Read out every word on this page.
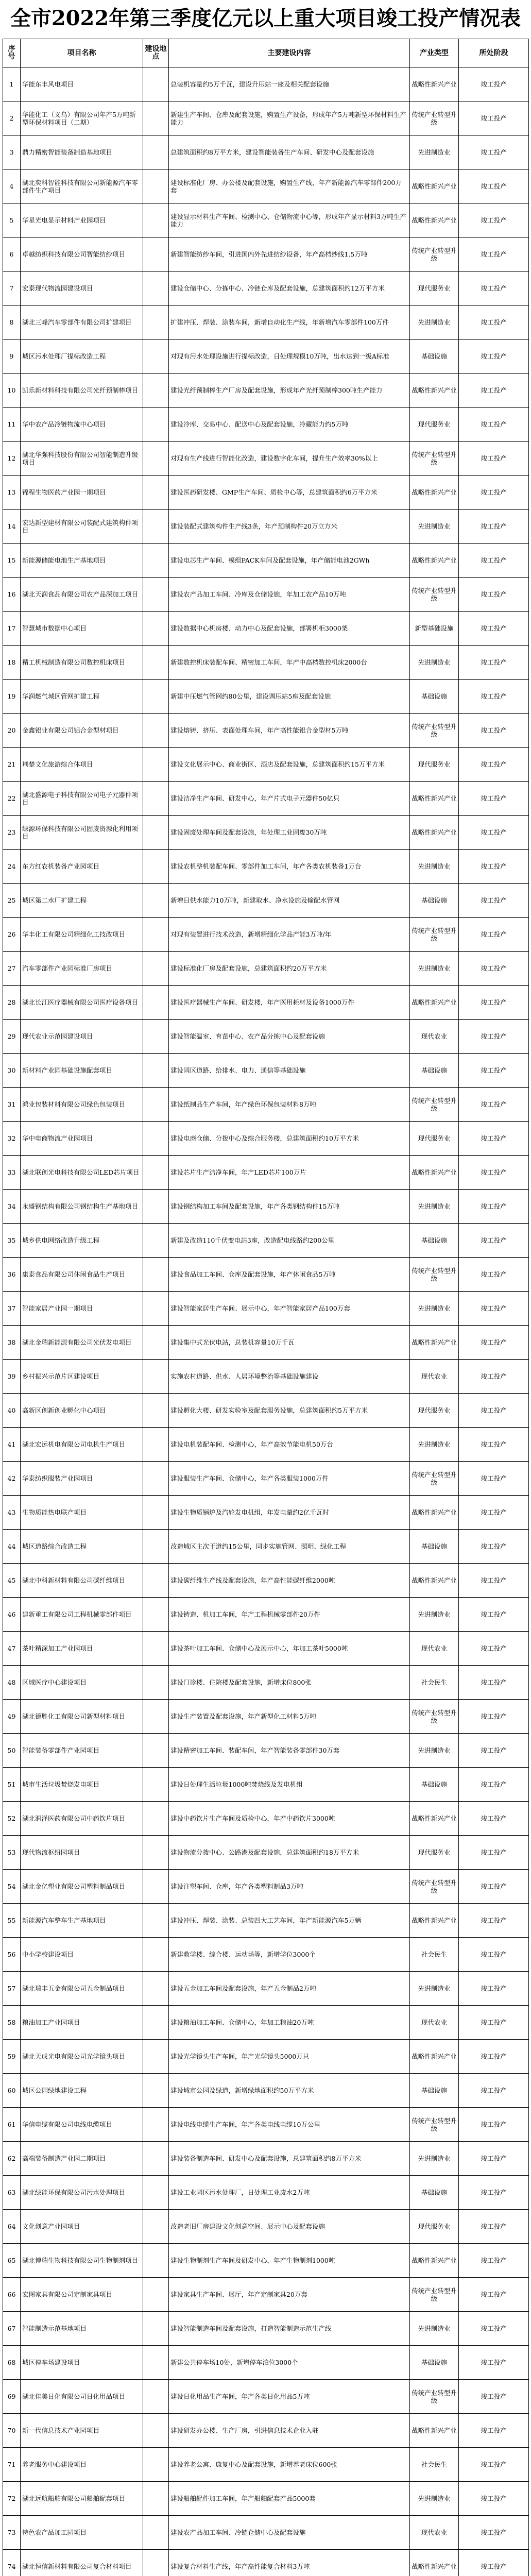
全市2022年第三季度亿元以上重大项目竣工投产情况表
序号	项目名称	建设地点	主要建设内容	产业类型	所处阶段
1	华能东丰风电项目		总装机容量约5万千瓦，建设升压站一座及相关配套设施	战略性新兴产业	竣工投产
2	华能化工（义乌）有限公司年产5万吨新型环保材料项目（二期）		新建生产车间、仓库及配套设施，购置生产设备，形成年产5万吨新型环保材料生产能力	传统产业转型升级	竣工投产
3	鼎力精密智能装备制造基地项目		总建筑面积约8万平方米，建设智能装备生产车间、研发中心及配套设施	先进制造业	竣工投产
4	湖北奕科智能科技有限公司新能源汽车零部件生产项目		建设标准化厂房、办公楼及配套设施，购置生产线，年产新能源汽车零部件200万套	战略性新兴产业	竣工投产
5	华星光电显示材料产业园项目		建设显示材料生产车间、检测中心、仓储物流中心等，形成年产显示材料3万吨生产能力	战略性新兴产业	竣工投产
6	卓越纺织科技有限公司智能纺纱项目		新建智能纺纱车间，引进国内外先进纺纱设备，年产高档纱线1.5万吨	传统产业转型升级	竣工投产
7	宏泰现代物流园建设项目		建设仓储中心、分拣中心、冷链仓库及配套设施，总建筑面积约12万平方米	现代服务业	竣工投产
8	湖北三峰汽车零部件有限公司扩建项目		扩建冲压、焊装、涂装车间，新增自动化生产线，年新增汽车零部件100万件	先进制造业	竣工投产
9	城区污水处理厂提标改造工程		对现有污水处理设施进行提标改造，日处理规模10万吨，出水达到一级A标准	基础设施	竣工投产
10	凯乐新材料科技有限公司光纤预制棒项目		建设光纤预制棒生产厂房及配套设施，形成年产光纤预制棒300吨生产能力	战略性新兴产业	竣工投产
11	华中农产品冷链物流中心项目		建设冷库、交易中心、配送中心及配套设施，冷藏能力约5万吨	现代服务业	竣工投产
12	湖北华强科技股份有限公司智能制造升级项目		对现有生产线进行智能化改造，建设数字化车间，提升生产效率30%以上	传统产业转型升级	竣工投产
13	锦程生物医药产业园一期项目		建设医药研发楼、GMP生产车间、质检中心等，总建筑面积约6万平方米	战略性新兴产业	竣工投产
14	宏达新型建材有限公司装配式建筑构件项目		建设装配式建筑构件生产线3条，年产预制构件20万立方米	先进制造业	竣工投产
15	新能源储能电池生产基地项目		建设电芯生产车间、模组PACK车间及配套设施，年产储能电池2GWh	战略性新兴产业	竣工投产
16	湖北天润食品有限公司农产品深加工项目		建设农产品加工车间、冷库及仓储设施，年加工农产品10万吨	传统产业转型升级	竣工投产
17	智慧城市数据中心项目		建设数据中心机房楼、动力中心及配套设施，部署机柜3000架	新型基础设施	竣工投产
18	精工机械制造有限公司数控机床项目		新建数控机床装配车间、精密加工车间，年产中高档数控机床2000台	先进制造业	竣工投产
19	华润燃气城区管网扩建工程		新建中压燃气管网约80公里，建设调压站5座及配套设施	基础设施	竣工投产
20	金鑫铝业有限公司铝合金型材项目		建设熔铸、挤压、表面处理车间，年产高性能铝合金型材5万吨	传统产业转型升级	竣工投产
21	荆楚文化旅游综合体项目		建设文化展示中心、商业街区、酒店及配套设施，总建筑面积约15万平方米	现代服务业	竣工投产
22	湖北盛源电子科技有限公司电子元器件项目		建设洁净生产车间、研发中心，年产片式电子元器件50亿只	战略性新兴产业	竣工投产
23	绿源环保科技有限公司固废资源化利用项目		建设固废处理车间及配套设施，年处理工业固废30万吨	战略性新兴产业	竣工投产
24	东方红农机装备产业园项目		建设农机整机装配车间、零部件加工车间，年产各类农机装备1万台	先进制造业	竣工投产
25	城区第二水厂扩建工程		新增日供水能力10万吨，新建取水、净水设施及输配水管网	基础设施	竣工投产
26	华丰化工有限公司精细化工技改项目		对现有装置进行技术改造，新增精细化学品产能3万吨/年	传统产业转型升级	竣工投产
27	汽车零部件产业园标准厂房项目		建设标准化厂房及配套设施，总建筑面积约20万平方米	先进制造业	竣工投产
28	湖北长江医疗器械有限公司医疗设备项目		建设医疗器械生产车间、研发楼，年产医用耗材及设备1000万件	战略性新兴产业	竣工投产
29	现代农业示范园建设项目		建设智能温室、育苗中心、农产品分拣中心及配套设施	现代农业	竣工投产
30	新材料产业园基础设施配套项目		建设园区道路、给排水、电力、通信等基础设施	基础设施	竣工投产
31	鸿业包装材料有限公司绿色包装项目		建设纸制品生产车间，年产绿色环保包装材料8万吨	传统产业转型升级	竣工投产
32	华中电商物流产业园项目		建设电商仓储、分拨中心及综合服务楼，总建筑面积约10万平方米	现代服务业	竣工投产
33	湖北联创光电科技有限公司LED芯片项目		建设芯片生产洁净车间，年产LED芯片100万片	战略性新兴产业	竣工投产
34	永盛钢结构有限公司钢结构生产基地项目		建设钢结构加工车间及配套设施，年产各类钢结构件15万吨	先进制造业	竣工投产
35	城乡供电网络改造升级工程		新建及改造110千伏变电站3座，改造配电线路约200公里	基础设施	竣工投产
36	康泰食品有限公司休闲食品生产项目		建设食品加工车间、仓库及配套设施，年产休闲食品5万吨	传统产业转型升级	竣工投产
37	智能家居产业园一期项目		建设智能家居生产车间、展示中心，年产智能家居产品100万套	先进制造业	竣工投产
38	湖北金瑞新能源有限公司光伏发电项目		建设集中式光伏电站，总装机容量10万千瓦	战略性新兴产业	竣工投产
39	乡村振兴示范片区建设项目		实施农村道路、供水、人居环境整治等基础设施建设	现代农业	竣工投产
40	高新区创新创业孵化中心项目		建设孵化大楼、研发实验室及配套服务设施，总建筑面积约5万平方米	现代服务业	竣工投产
41	湖北宏远机电有限公司电机生产项目		建设电机装配车间、检测中心，年产高效节能电机50万台	先进制造业	竣工投产
42	华泰纺织服装产业园项目		建设服装生产车间、仓储中心，年产各类服装1000万件	传统产业转型升级	竣工投产
43	生物质能热电联产项目		建设生物质锅炉及汽轮发电机组，年发电量约2亿千瓦时	战略性新兴产业	竣工投产
44	城区道路综合改造工程		改造城区主次干道约15公里，同步实施管网、照明、绿化工程	基础设施	竣工投产
45	湖北中科新材料有限公司碳纤维项目		建设碳纤维生产线及配套设施，年产高性能碳纤维2000吨	战略性新兴产业	竣工投产
46	建新重工有限公司工程机械零部件项目		建设铸造、机加工车间，年产工程机械零部件20万件	先进制造业	竣工投产
47	茶叶精深加工产业园项目		建设茶叶加工车间、仓储中心及展示中心，年加工茶叶5000吨	现代农业	竣工投产
48	区域医疗中心建设项目		建设门诊楼、住院楼及配套设施，新增床位800张	社会民生	竣工投产
49	湖北德胜化工有限公司新型材料项目		建设生产装置及配套设施，年产新型化工材料5万吨	传统产业转型升级	竣工投产
50	智能装备零部件产业园项目		建设精密加工车间、装配车间，年产智能装备零部件30万套	先进制造业	竣工投产
51	城市生活垃圾焚烧发电项目		建设日处理生活垃圾1000吨焚烧线及发电机组	基础设施	竣工投产
52	湖北润泽医药有限公司中药饮片项目		建设中药饮片生产车间及质检中心，年产中药饮片3000吨	战略性新兴产业	竣工投产
53	现代物流枢纽园项目		建设物流分拨中心、公路港及配套设施，总建筑面积约18万平方米	现代服务业	竣工投产
54	湖北金亿塑业有限公司塑料制品项目		建设注塑车间、仓库，年产各类塑料制品3万吨	传统产业转型升级	竣工投产
55	新能源汽车整车生产基地项目		建设冲压、焊装、涂装、总装四大工艺车间，年产新能源汽车5万辆	战略性新兴产业	竣工投产
56	中小学校建设项目		新建教学楼、综合楼、运动场等，新增学位3000个	社会民生	竣工投产
57	湖北瑞丰五金有限公司五金制品项目		建设五金加工车间及配套设施，年产五金制品2万吨	先进制造业	竣工投产
58	粮油加工产业园项目		建设粮油加工车间、仓储中心，年加工粮油20万吨	现代农业	竣工投产
59	湖北天成光电有限公司光学镜头项目		建设光学镜头生产车间，年产光学镜头5000万只	战略性新兴产业	竣工投产
60	城区公园绿地建设工程		建设城市公园及绿道，新增绿地面积约50万平方米	基础设施	竣工投产
61	华信电缆有限公司电线电缆项目		建设电线电缆生产车间，年产各类电线电缆10万公里	传统产业转型升级	竣工投产
62	高端装备制造产业园二期项目		建设装备制造车间、研发中心及配套设施，总建筑面积约8万平方米	先进制造业	竣工投产
63	湖北绿能环保有限公司污水处理项目		建设工业园区污水处理厂，日处理工业废水2万吨	基础设施	竣工投产
64	文化创意产业园项目		改造老旧厂房建设文化创意空间、展示中心及配套设施	现代服务业	竣工投产
65	湖北博瑞生物科技有限公司生物制剂项目		建设生物制剂生产车间及研发中心，年产生物制剂1000吨	战略性新兴产业	竣工投产
66	宏图家具有限公司定制家具项目		建设家具生产车间、展厅，年产定制家具20万套	传统产业转型升级	竣工投产
67	智能制造示范基地项目		建设智能制造车间及配套设施，打造智能制造示范生产线	先进制造业	竣工投产
68	城区停车场建设项目		新建公共停车场10处，新增停车泊位3000个	基础设施	竣工投产
69	湖北佳美日化有限公司日化用品项目		建设日化用品生产车间，年产各类日化用品5万吨	传统产业转型升级	竣工投产
70	新一代信息技术产业园项目		建设研发办公楼、生产厂房，引进信息技术企业入驻	战略性新兴产业	竣工投产
71	养老服务中心建设项目		建设养老公寓、康复中心及配套设施，新增养老床位600张	社会民生	竣工投产
72	湖北远航船舶有限公司船舶配套项目		建设船舶配件加工车间，年产船舶配套产品5000套	先进制造业	竣工投产
73	特色农产品加工园项目		建设农产品加工车间、冷链仓储中心及配套设施	现代农业	竣工投产
74	湖北恒信新材料有限公司复合材料项目		建设复合材料生产线，年产高性能复合材料3万吨	战略性新兴产业	竣工投产
